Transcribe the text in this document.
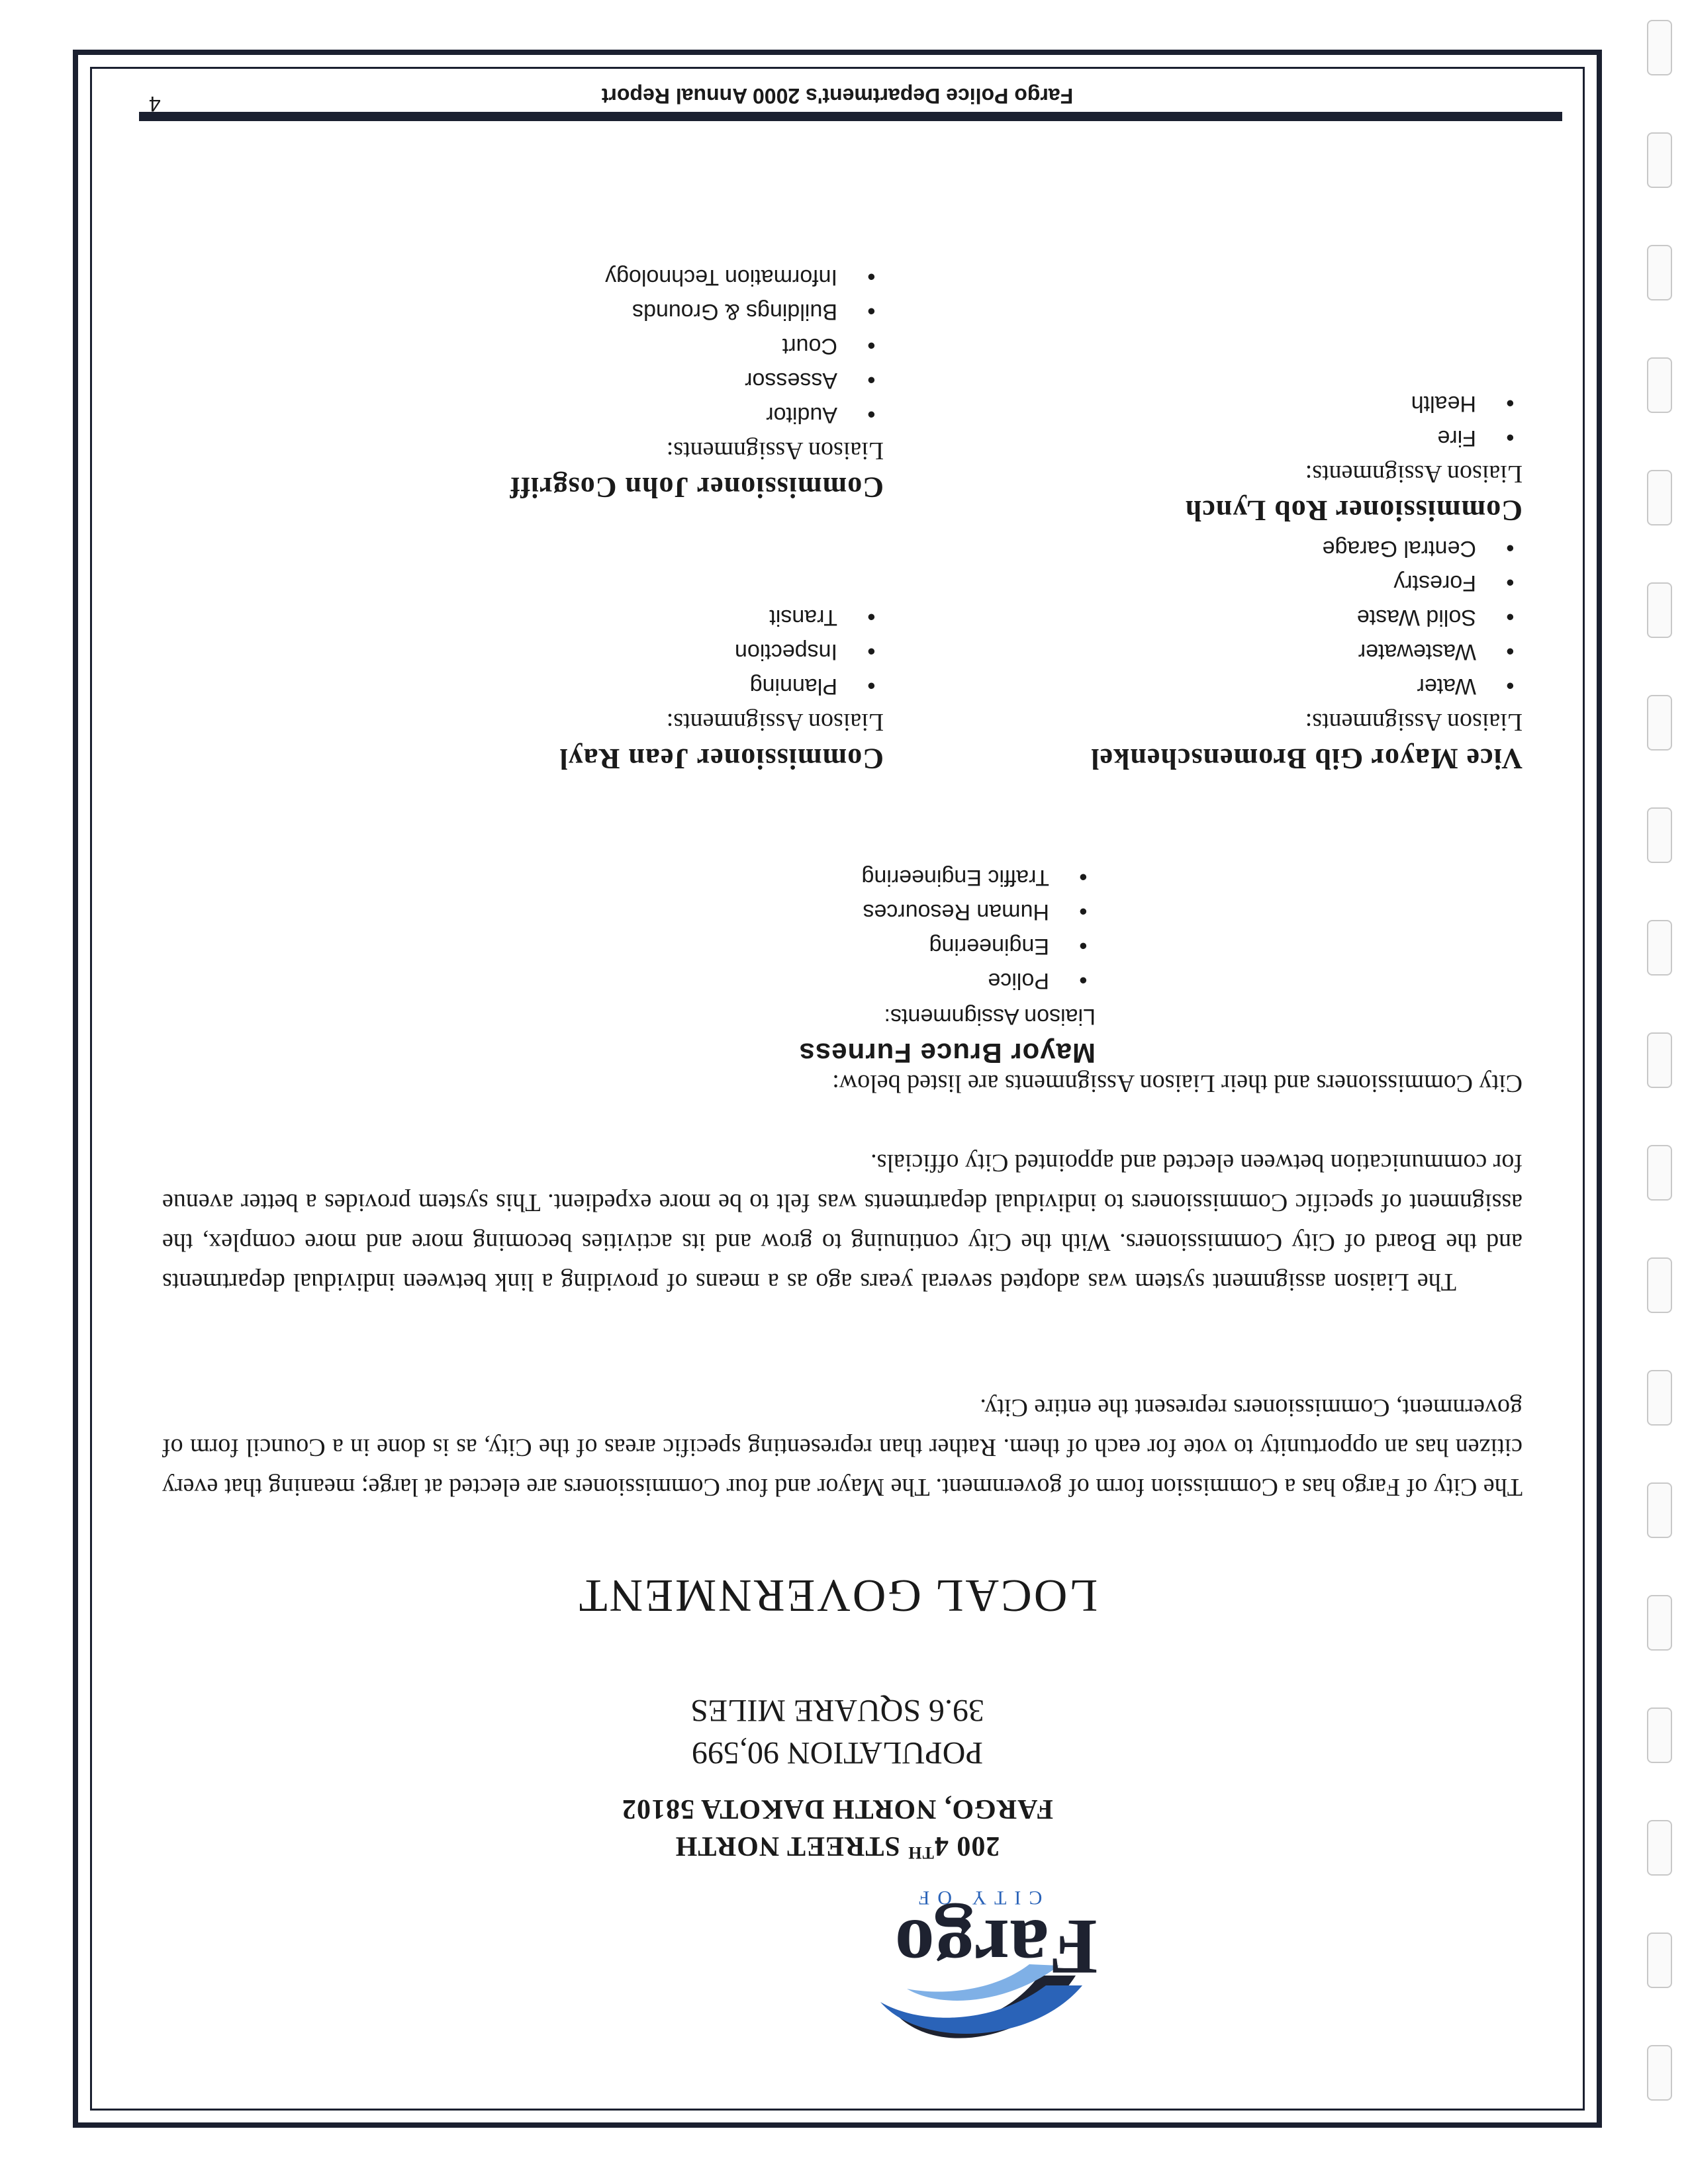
Fargo
CITY OF
200 4TH STREET NORTH
FARGO, NORTH DAKOTA 58102
POPULATION 90,599
39.6 SQUARE MILES
LOCAL GOVERNMENT

The City of Fargo has a Commission form of government. The Mayor and four Commissioners are elected at large; meaning that every citizen has an opportunity to vote for each of them. Rather than representing specific areas of the City, as is done in a Council form of government, Commissioners represent the entire City.

The Liaison assignment system was adopted several years ago as a means of providing a link between individual departments and the Board of City Commissioners. With the City continuing to grow and its activities becoming more and more complex, the assignment of specific Commissioners to individual departments was felt to be more expedient. This system provides a better avenue for communication between elected and appointed City officials.

City Commissioners and their Liaison Assignments are listed below:

Mayor Bruce Furness
Liaison Assignments:
● Police
● Engineering
● Human Resources
● Traffic Engineering
Vice Mayor Gib Bromenschenkel
Liaison Assignments:
● Water
● Wastewater
● Solid Waste
● Forestry
● Central Garage
Commissioner Jean Rayl
Liaison Assignments:
● Planning
● Inspection
● Transit
Commissioner Rob Lynch
Liaison Assignments:
● Fire
● Health
Commissioner John Cosgriff
Liaison Assignments:
● Auditor
● Assessor
● Court
● Buildings & Grounds
● Information Technology
Fargo Police Department's 2000 Annual Report
4
